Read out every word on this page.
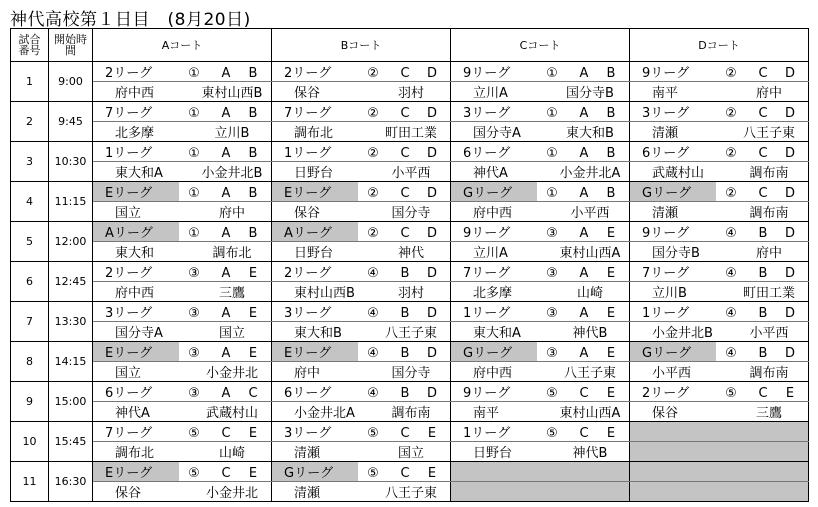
神代高校第１日目　(8月20日)
試合
番号	開始時
間	Aコート	Bコート	Cコート	Dコート
1	9:00	2リーグ ① A B	2リーグ ② C D	9リーグ ① A B	9リーグ ② C D

		府中西 東村山西B	保谷 羽村	立川A 国分寺B	南平 府中

2	9:45	7リーグ ① A B	7リーグ ② C D	3リーグ ① A B	3リーグ ② C D

		北多摩 立川B	調布北 町田工業	国分寺A 東大和B	清瀬 八王子東

3	10:30	1リーグ ① A B	1リーグ ② C D	6リーグ ① A B	6リーグ ② C D

		東大和A 小金井北B	日野台 小平西	神代A 小金井北A	武蔵村山 調布南

4	11:15	Eリーグ ① A B	Eリーグ ② C D	Gリーグ ① A B	Gリーグ ② C D

		国立 府中	保谷 国分寺	府中西 小平西	清瀬 調布南

5	12:00	Aリーグ ① A B	Aリーグ ② C D	9リーグ ③ A E	9リーグ ④ B D

		東大和 調布北	日野台 神代	立川A 東村山西A	国分寺B 府中

6	12:45	2リーグ ③ A E	2リーグ ④ B D	7リーグ ③ A E	7リーグ ④ B D

		府中西 三鷹	東村山西B 羽村	北多摩 山崎	立川B 町田工業

7	13:30	3リーグ ③ A E	3リーグ ④ B D	1リーグ ③ A E	1リーグ ④ B D

		国分寺A 国立	東大和B 八王子東	東大和A 神代B	小金井北B 小平西

8	14:15	Eリーグ ③ A E	Eリーグ ④ B D	Gリーグ ③ A E	Gリーグ ④ B D

		国立 小金井北	府中 国分寺	府中西 八王子東	小平西 調布南

9	15:00	6リーグ ③ A C	6リーグ ④ B D	9リーグ ⑤ C E	2リーグ ⑤ C E

		神代A 武蔵村山	小金井北A 調布南	南平 東村山西A	保谷 三鷹

10	15:45	7リーグ ⑤ C E	3リーグ ⑤ C E	1リーグ ⑤ C E	

		調布北 山崎	清瀬 国立	日野台 神代B	

11	16:30	Eリーグ ⑤ C E	Gリーグ ⑤ C E		

		保谷 小金井北	清瀬 八王子東		
